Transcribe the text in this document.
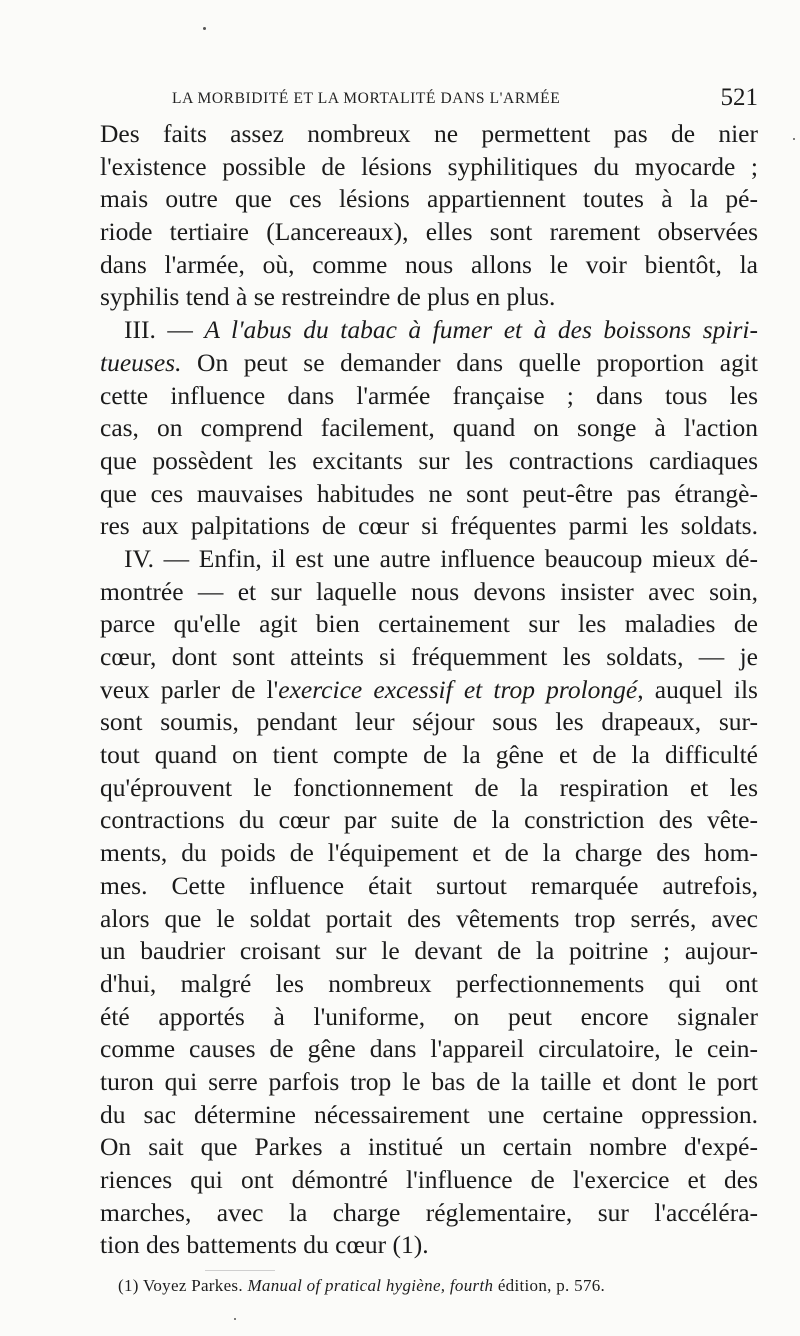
LA MORBIDITÉ ET LA MORTALITÉ DANS L'ARMÉE	521
Des faits assez nombreux ne permettent pas de nier
l'existence possible de lésions syphilitiques du myocarde ;
mais outre que ces lésions appartiennent toutes à la pé-
riode tertiaire (Lancereaux), elles sont rarement observées
dans l'armée, où, comme nous allons le voir bientôt, la
syphilis tend à se restreindre de plus en plus.
III. — A l'abus du tabac à fumer et à des boissons spiri-
tueuses. On peut se demander dans quelle proportion agit
cette influence dans l'armée française ; dans tous les
cas, on comprend facilement, quand on songe à l'action
que possèdent les excitants sur les contractions cardiaques
que ces mauvaises habitudes ne sont peut-être pas étrangè-
res aux palpitations de cœur si fréquentes parmi les soldats.
IV. — Enfin, il est une autre influence beaucoup mieux dé-
montrée — et sur laquelle nous devons insister avec soin,
parce qu'elle agit bien certainement sur les maladies de
cœur, dont sont atteints si fréquemment les soldats, — je
veux parler de l'exercice excessif et trop prolongé, auquel ils
sont soumis, pendant leur séjour sous les drapeaux, sur-
tout quand on tient compte de la gêne et de la difficulté
qu'éprouvent le fonctionnement de la respiration et les
contractions du cœur par suite de la constriction des vête-
ments, du poids de l'équipement et de la charge des hom-
mes. Cette influence était surtout remarquée autrefois,
alors que le soldat portait des vêtements trop serrés, avec
un baudrier croisant sur le devant de la poitrine ; aujour-
d'hui, malgré les nombreux perfectionnements qui ont
été apportés à l'uniforme, on peut encore signaler
comme causes de gêne dans l'appareil circulatoire, le cein-
turon qui serre parfois trop le bas de la taille et dont le port
du sac détermine nécessairement une certaine oppression.
On sait que Parkes a institué un certain nombre d'expé-
riences qui ont démontré l'influence de l'exercice et des
marches, avec la charge réglementaire, sur l'accéléra-
tion des battements du cœur (1).
(1) Voyez Parkes. Manual of pratical hygiène, fourth édition, p. 576.
